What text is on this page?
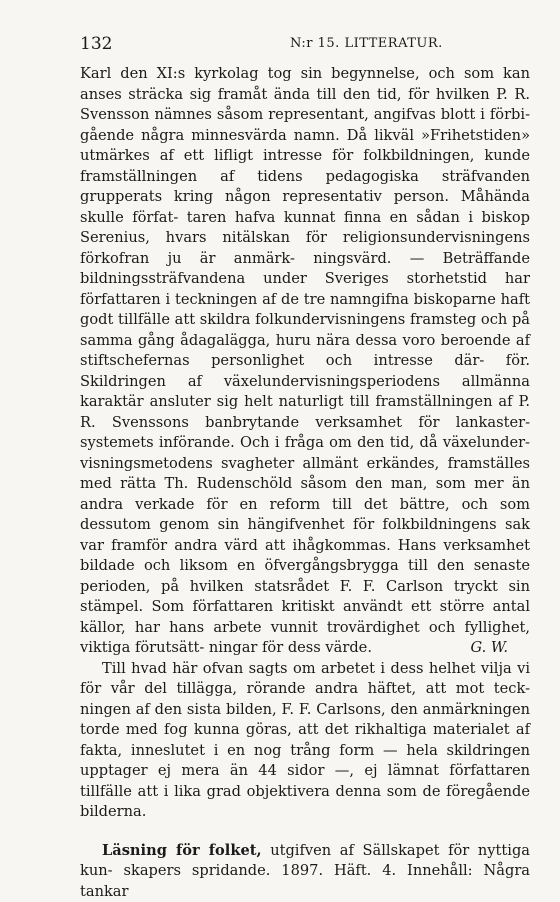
132	N:r 15. LITTERATUR.

Karl den XI:s kyrkolag tog sin begynnelse, och som kan anses sträcka sig framåt ända till den tid, för hvilken P. R. Svensson nämnes såsom representant, angifvas blott i förbi- gående några minnesvärda namn. Då likväl »Frihetstiden» utmärkes af ett lifligt intresse för folkbildningen, kunde framställningen af tidens pedagogiska sträfvanden grupperats kring någon representativ person. Måhända skulle förfat- taren hafva kunnat finna en sådan i biskop Serenius, hvars nitälskan för religionsundervisningens förkofran ju är anmärk- ningsvärd. — Beträffande bildningssträfvandena under Sveriges storhetstid har författaren i teckningen af de tre namngifna biskoparne haft godt tillfälle att skildra folkundervisningens framsteg och på samma gång ådagalägga, huru nära dessa voro beroende af stiftschefernas personlighet och intresse där- för. Skildringen af växelundervisningsperiodens allmänna karaktär ansluter sig helt naturligt till framställningen af P. R. Svenssons banbrytande verksamhet för lankaster- systemets införande. Och i fråga om den tid, då växelunder- visningsmetodens svagheter allmänt erkändes, framställes med rätta Th. Rudenschöld såsom den man, som mer än andra verkade för en reform till det bättre, och som dessutom genom sin hängifvenhet för folkbildningens sak var framför andra värd att ihågkommas. Hans verksamhet bildade och liksom en öfvergångsbrygga till den senaste perioden, på hvilken statsrådet F. F. Carlson tryckt sin stämpel. Som författaren kritiskt användt ett större antal källor, har hans arbete vunnit trovärdighet och fyllighet, viktiga förutsätt- ningar för dess värde.	G. W.

Till hvad här ofvan sagts om arbetet i dess helhet vilja vi för vår del tillägga, rörande andra häftet, att mot teck- ningen af den sista bilden, F. F. Carlsons, den anmärkningen torde med fog kunna göras, att det rikhaltiga materialet af fakta, inneslutet i en nog trång form — hela skildringen upptager ej mera än 44 sidor —, ej lämnat författaren tillfälle att i lika grad objektivera denna som de föregående bilderna.

Läsning för folket, utgifven af Sällskapet för nyttiga kun- skapers spridande. 1897. Häft. 4. Innehåll: Några tankar
